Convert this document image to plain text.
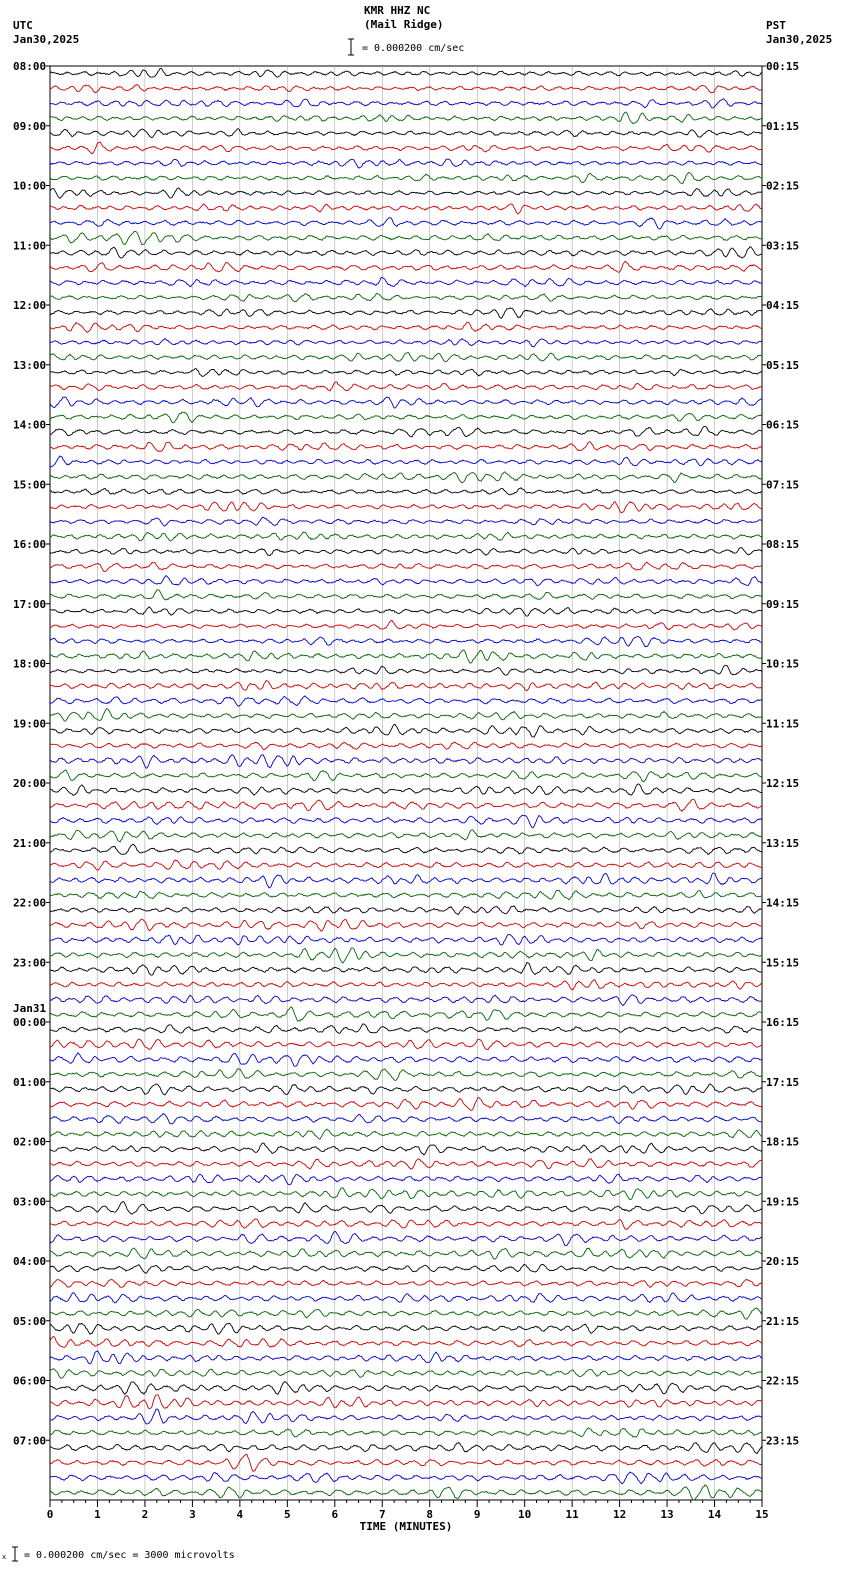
KMR HHZ NC
(Mail Ridge)
= 0.000200 cm/sec
UTC
Jan30,2025
PST
Jan30,2025
08:00	00:15
09:00	01:15
10:00	02:15
11:00	03:15
12:00	04:15
13:00	05:15
14:00	06:15
15:00	07:15
16:00	08:15
17:00	09:15
18:00	10:15
19:00	11:15
20:00	12:15
21:00	13:15
22:00	14:15
23:00	15:15
00:00	16:15
Jan31
01:00	17:15
02:00	18:15
03:00	19:15
04:00	20:15
05:00	21:15
06:00	22:15
07:00	23:15
0	1	2	3	4	5	6	7	8	9	10	11	12	13	14	15
TIME (MINUTES)
x = 0.000200 cm/sec = 3000 microvolts
